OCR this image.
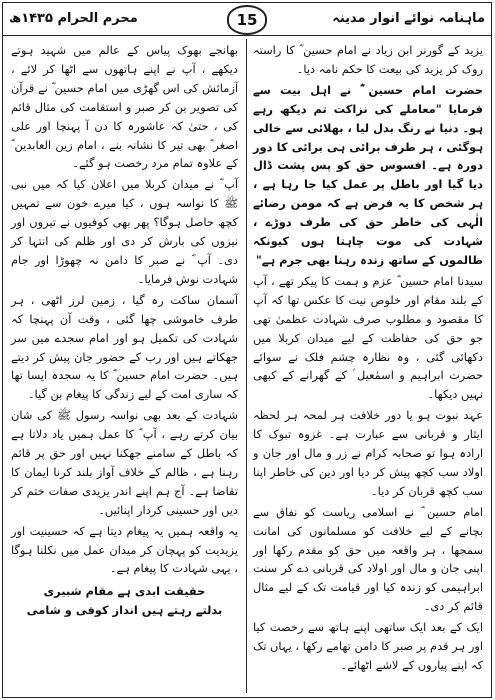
ماہنامہ نوائے انوار مدینہ
15
محرم الحرام ۱۴۳۵ھ

یزید کے گورنر ابن زیاد نے امام حسین ؓ کا راستہ روک کر یزید کی بیعت کا حکم نامہ دیا۔

حضرت امام حسین ؓ نے اہل بیت سے فرمایا "معاملے کی نزاکت تم دیکھ رہے ہو۔ دنیا نے رنگ بدل لیا ، بھلائی سے خالی ہوگئی ، ہر طرف برائی ہی برائی کا دور دورہ ہے۔ افسوس حق کو پس پشت ڈال دیا گیا اور باطل پر عمل کیا جا رہا ہے ، ہر شخص کا یہ فرض ہے کہ مومن رضائے الٰہی کی خاطر حق کی طرف دوڑے ، شہادت کی موت چاہتا ہوں کیونکہ ظالموں کے ساتھ زندہ رہنا بھی جرم ہے"

سیدنا امام حسین ؓ عزم و ہمت کا پیکر تھے ، آپ کے بلند مقام اور خلوص نیت کا عکس تھا کہ آپ کا مقصود و مطلوب صرف شہادت عظمیٰ تھی جو حق کی حفاظت کے لیے میدان کربلا میں دکھائی گئی ، وہ نظارہ چشم فلک نے سوائے حضرت ابراہیم و اسمٰعیل ؑ کے گھرانے کے کبھی نہیں دیکھا۔

عہد نبوت ہو یا دور خلافت ہر لمحہ ہر لحظہ ایثار و قربانی سے عبارت ہے۔ غزوہ تبوک کا ارادہ ہوا تو صحابہ کرام نے زر و مال اور جان و اولاد سب کچھ پیش کر دیا اور دین کی خاطر اپنا سب کچھ قربان کر دیا۔

امام حسین ؓ نے اسلامی ریاست کو نفاق سے بچانے کے لیے خلافت کو مسلمانوں کی امانت سمجھا ، ہر واقعہ میں حق کو مقدم رکھا اور اپنی جان و مال اور اولاد کی قربانی دے کر سنت ابراہیمی کو زندہ کیا اور قیامت تک کے لیے مثال قائم کر دی۔

ایک کے بعد ایک ساتھی اپنے ہاتھ سے رخصت کیا اور ہر قدم پر صبر کا دامن تھامے رکھا ، یہاں تک کہ اپنے پیاروں کے لاشے اٹھائے۔

بھانجے بھوک پیاس کے عالم میں شہید ہوتے دیکھے ، آپ نے اپنے ہاتھوں سے اٹھا کر لائے ، آزمائش کی اس گھڑی میں امام حسین ؓ نے قرآن کی تصویر بن کر صبر و استقامت کی مثال قائم کی ، حتیٰ کہ عاشورہ کا دن آ پہنچا اور علی اصغر ؓ بھی تیر کا نشانہ بنے ، امام زین العابدین ؓ کے علاوہ تمام مرد رخصت ہو گئے۔

آپ ؓ نے میدان کربلا میں اعلان کیا کہ میں نبی ﷺ کا نواسہ ہوں ، کیا میرے خون سے تمہیں کچھ حاصل ہوگا؟ پھر بھی کوفیوں نے تیروں اور نیزوں کی بارش کر دی اور ظلم کی انتہا کر دی۔ آپ ؓ نے صبر کا دامن نہ چھوڑا اور جام شہادت نوش فرمایا۔

آسمان ساکت رہ گیا ، زمین لرز اٹھی ، ہر طرف خاموشی چھا گئی ، وقت آن پہنچا کہ شہادت کی تکمیل ہو اور امام سجدے میں سر جھکاتے ہیں اور رب کے حضور جان پیش کر دیتے ہیں۔ حضرت امام حسین ؓ کا یہ سجدہ ایسا تھا کہ ساری امت کے لیے زندگی کا پیغام بن گیا۔

شہادت کے بعد بھی نواسہ رسول ﷺ کی شان بیان کرتے رہے ، آپ ؓ کا عمل ہمیں یاد دلاتا ہے کہ باطل کے سامنے جھکنا نہیں اور حق پر قائم رہنا ہے ، ظالم کے خلاف آواز بلند کرنا ایمان کا تقاضا ہے۔ آج ہم اپنے اندر یزیدی صفات ختم کر دیں اور حسینی کردار اپنائیں۔

یہ واقعہ ہمیں یہ پیغام دیتا ہے کہ حسینیت اور یزیدیت کو پہچان کر میدان عمل میں نکلنا ہوگا ، یہی شہادت کا پیغام ہے۔

حقیقت ابدی ہے مقام شبیری
بدلتے رہتے ہیں انداز کوفی و شامی
